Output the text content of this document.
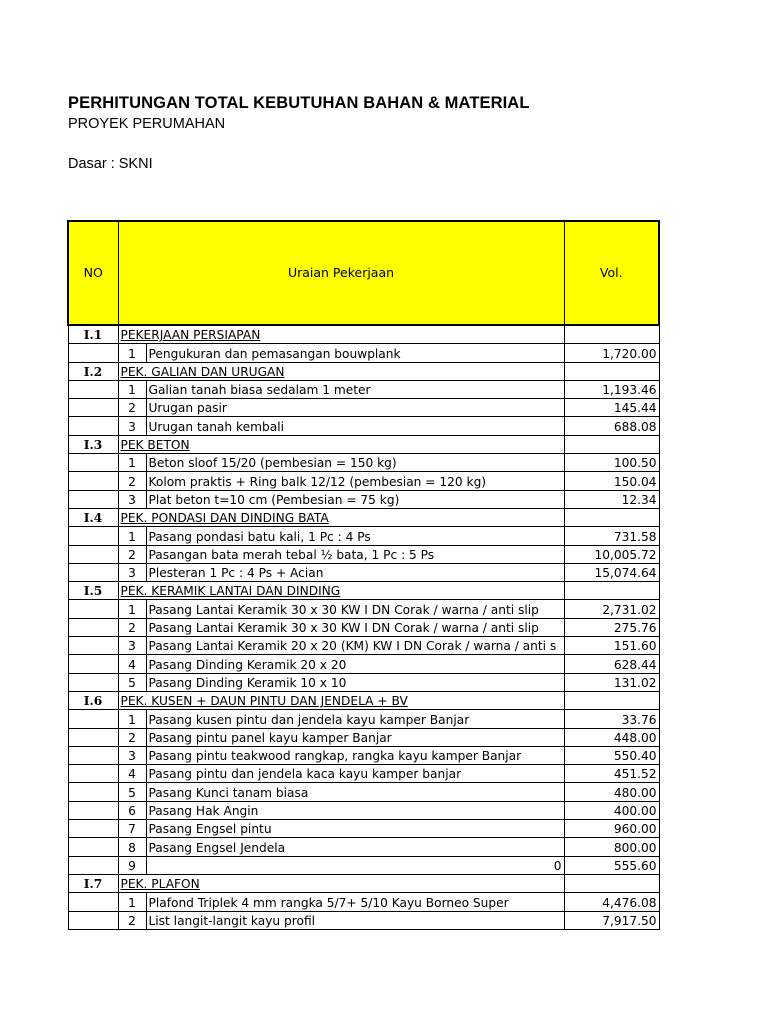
PERHITUNGAN TOTAL KEBUTUHAN BAHAN & MATERIAL
PROYEK PERUMAHAN
Dasar : SKNI
NO	Uraian Pekerjaan		Vol.
I.1	PEKERJAAN PERSIAPAN		
	1	Pengukuran dan pemasangan bouwplank	1,720.00
I.2	PEK. GALIAN DAN URUGAN		
	1	Galian tanah biasa sedalam 1 meter	1,193.46
	2	Urugan pasir	145.44
	3	Urugan tanah kembali	688.08
I.3	PEK BETON		
	1	Beton sloof 15/20 (pembesian = 150 kg)	100.50
	2	Kolom praktis + Ring balk 12/12 (pembesian = 120 kg)	150.04
	3	Plat beton t=10 cm (Pembesian = 75 kg)	12.34
I.4	PEK. PONDASI DAN DINDING BATA		
	1	Pasang pondasi batu kali, 1 Pc : 4 Ps	731.58
	2	Pasangan bata merah tebal ½ bata, 1 Pc : 5 Ps	10,005.72
	3	Plesteran 1 Pc : 4 Ps + Acian	15,074.64
I.5	PEK. KERAMIK LANTAI DAN DINDING		
	1	Pasang Lantai Keramik 30 x 30 KW I DN Corak / warna / anti slip	2,731.02
	2	Pasang Lantai Keramik 30 x 30 KW I DN Corak / warna / anti slip	275.76
	3	Pasang Lantai Keramik 20 x 20 (KM) KW I DN Corak / warna / anti s	151.60
	4	Pasang Dinding Keramik 20 x 20	628.44
	5	Pasang Dinding Keramik 10 x 10	131.02
I.6	PEK. KUSEN + DAUN PINTU DAN JENDELA + BV		
	1	Pasang kusen pintu dan jendela kayu kamper Banjar	33.76
	2	Pasang pintu panel kayu kamper Banjar	448.00
	3	Pasang pintu teakwood rangkap, rangka kayu kamper Banjar	550.40
	4	Pasang pintu dan jendela kaca kayu kamper banjar	451.52
	5	Pasang Kunci tanam biasa	480.00
	6	Pasang Hak Angin	400.00
	7	Pasang Engsel pintu	960.00
	8	Pasang Engsel Jendela	800.00
	9	0	555.60
I.7	PEK. PLAFON		
	1	Plafond Triplek 4 mm rangka 5/7+ 5/10 Kayu Borneo Super	4,476.08
	2	List langit-langit kayu profil	7,917.50
